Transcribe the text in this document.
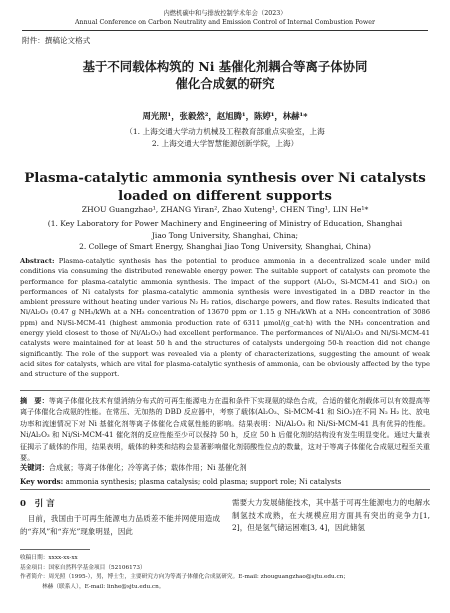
内燃机碳中和与排放控制学术年会（2023）
Annual Conference on Carbon Neutrality and Emission Control of Internal Combustion Power
附件：撰稿论文格式
基于不同载体构筑的 Ni 基催化剂耦合等离子体协同
催化合成氨的研究
周光照¹，张毅然²，赵旭腾¹，陈婷¹，林赫¹*
（1. 上海交通大学动力机械及工程教育部重点实验室，上海
2. 上海交通大学智慧能源创新学院，上海）
Plasma-catalytic ammonia synthesis over Ni catalysts
loaded on different supports
ZHOU Guangzhao¹, ZHANG Yiran², Zhao Xuteng¹, CHEN Ting¹, LIN He¹*
(1. Key Laboratory for Power Machinery and Engineering of Ministry of Education, Shanghai
Jiao Tong University, Shanghai, China;
2. College of Smart Energy, Shanghai Jiao Tong University, Shanghai, China)
Abstract: Plasma-catalytic synthesis has the potential to produce ammonia in a decentralized scale under mild conditions via consuming the distributed renewable energy power. The suitable support of catalysts can promote the performance for plasma-catalytic ammonia synthesis. The impact of the support (Al₂O₃, Si-MCM-41 and SiO₂) on performances of Ni catalysts for plasma-catalytic ammonia synthesis were investigated in a DBD reactor in the ambient pressure without heating under various N₂ H₂ ratios, discharge powers, and flow rates. Results indicated that Ni/Al₂O₃ (0.47 g NH₃/kWh at a NH₃ concentration of 13670 ppm or 1.15 g NH₃/kWh at a NH₃ concentration of 3086 ppm) and Ni/Si-MCM-41 (highest ammonia production rate of 6311 μmol/(g_cat·h) with the NH₃ concentration and energy yield closest to those of Ni/Al₂O₃) had excellent performance. The performances of Ni/Al₂O₃ and Ni/Si-MCM-41 catalysts were maintained for at least 50 h and the structures of catalysts undergoing 50-h reaction did not change significantly. The role of the support was revealed via a plenty of characterizations, suggesting the amount of weak acid sites for catalysts, which are vital for plasma-catalytic synthesis of ammonia, can be obviously affected by the type and structure of the support.
摘　要：等离子体催化技术有望消纳分布式的可再生能源电力在温和条件下实现氨的绿色合成，合适的催化剂载体可以有效提高等离子体催化合成氨的性能。在常压、无加热的 DBD 反应器中，考察了载体(Al₂O₃、Si-MCM-41 和 SiO₂)在不同 N₂ H₂ 比、放电功率和流速情况下对 Ni 基催化剂等离子体催化合成氨性能的影响。结果表明：Ni/Al₂O₃ 和 Ni/Si-MCM-41 具有优异的性能。Ni/Al₂O₃ 和 Ni/Si-MCM-41 催化剂的反应性能至少可以保持 50 h，反应 50 h 后催化剂的结构没有发生明显变化。通过大量表征揭示了载体的作用，结果表明，载体的种类和结构会显著影响催化剂弱酸性位点的数量，这对于等离子体催化合成氨过程至关重要。
关键词：合成氨；等离子体催化；冷等离子体；载体作用；Ni 基催化剂
Key words: ammonia synthesis; plasma catalysis; cold plasma; support role; Ni catalysts
0　引 言
 目前，我国由于可再生能源电力品质差不能并网使用造成的“弃风”和“弃光”现象明显，因此
需要大力发展储能技术，其中基于可再生能源电力的电解水制氢技术成熟，在大规模应用方面具有突出的竞争力[1, 2]，但是氢气储运困难[3, 4]，因此储氢
收稿日期：xxxx-xx-xx
基金项目：国家自然科学基金项目（52106173）
作者简介：周光照（1995-），男，博士生，主要研究方向为等离子体催化合成氨研究。E-mail: zhouguangzhao@sjtu.edu.cn；
林赫（联系人），E-mail: linhe@sjtu.edu.cn。
